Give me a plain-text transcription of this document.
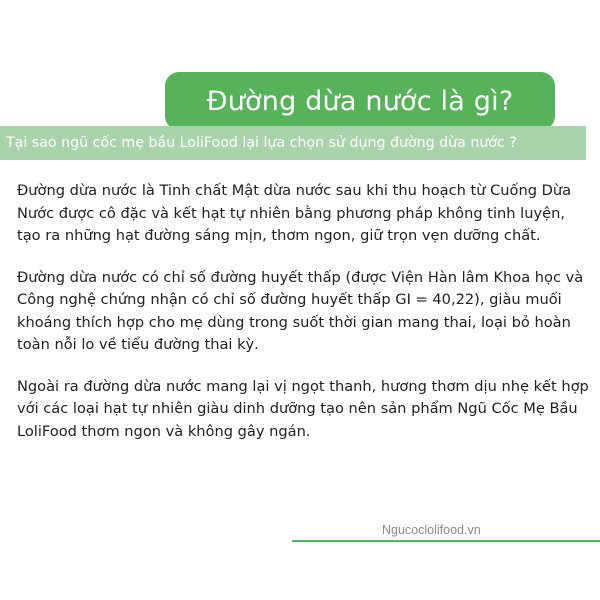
Đường dừa nước là gì?
Tại sao ngũ cốc mẹ bầu LoliFood lại lựa chọn sử dụng đường dừa nước ?

Đường dừa nước là Tinh chất Mật dừa nước sau khi thu hoạch từ Cuống Dừa Nước được cô đặc và kết hạt tự nhiên bằng phương pháp không tinh luyện, tạo ra những hạt đường sáng mịn, thơm ngon, giữ trọn vẹn dưỡng chất.

Đường dừa nước có chỉ số đường huyết thấp (được Viện Hàn lâm Khoa học và Công nghệ chứng nhận có chỉ số đường huyết thấp GI = 40,22), giàu muối khoáng thích hợp cho mẹ dùng trong suốt thời gian mang thai, loại bỏ hoàn toàn nỗi lo về tiểu đường thai kỳ.

Ngoài ra đường dừa nước mang lại vị ngọt thanh, hương thơm dịu nhẹ kết hợp với các loại hạt tự nhiên giàu dinh dưỡng tạo nên sản phẩm Ngũ Cốc Mẹ Bầu LoliFood thơm ngon và không gây ngán.

Ngucoclolifood.vn
